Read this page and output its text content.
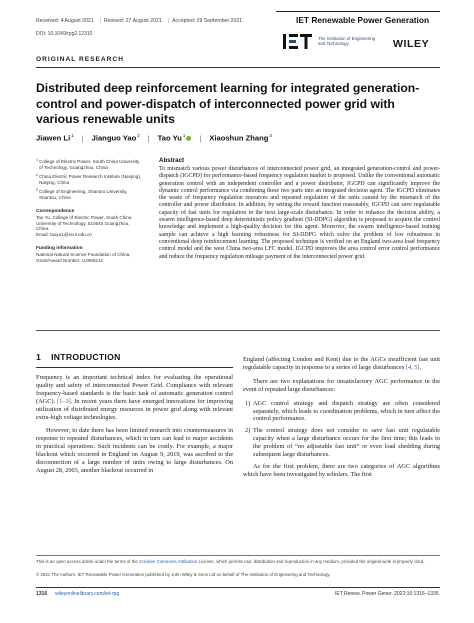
Received: 4 August 2021 | Revised: 27 August 2021 | Accepted: 29 September 2021
DOI: 10.1049/rpg2.12310
IET Renewable Power Generation
The Institution of Engineering and Technology	WILEY
ORIGINAL RESEARCH
Distributed deep reinforcement learning for integrated generation-control and power-dispatch of interconnected power grid with various renewable units
Jiawen Li$^1$ | Jianguo Yao$^2$ | Tao Yu$^1$ | Xiaoshun Zhang$^3$
1 College of Electric Power, South China University of Technology, Guangzhou, China
2 China Electric Power Research Institute (Nanjing), Nanjing, China
3 College of Engineering, Shantou University, Shantou, China
Correspondence
Tao Yu, College of Electric Power, South China University of Technology, 510640 Guangzhou, China.
Email: taoyu1@scut.edu.cn
Funding information
National Natural Science Foundation of China, Grant/Award Number: U2066212
Abstract

To mismatch various power disturbances of interconnected power grid, an integrated generation-control and power-dispatch (IGCPD) for performance-based frequency regulation market is proposed. Unlike the conventional automatic generation control with an independent controller and a power distributor, IGCPD can significantly improve the dynamic control performance via combining these two parts into an integrated decision agent. The IGCPD eliminates the waste of frequency regulation resources and repeated regulation of the units caused by the mismatch of the controller and power distributor. In addition, by setting the reward function reasonably, IGCPD can save regulatable capacity of fast units for regulation in the next large-scale disturbance. In order to enhance the decision ability, a swarm intelligence-based deep deterministic policy gradient (SI-DDPG) algorithm is proposed to acquire the control knowledge and implement a high-quality decision for this agent. Moreover, the swarm intelligence-based training sample can achieve a high learning robustness for SI-DDPG which solve the problem of low robustness in conventional deep reinforcement learning. The proposed technique is verified on an England two-area load frequency control model and the west China two-area LFC model. IGCPD improves the area control error control performance and reduce the frequency regulation mileage payment of the interconnected power grid.

1 INTRODUCTION

Frequency is an important technical index for evaluating the operational quality and safety of interconnected Power Grid. Compliance with relevant frequency-based standards is the basic task of automatic generation control (AGC). [1–3]. In recent years there have emerged innovations for improving utilization of distributed energy resources in power grid along with relevant extra-high voltage technologies.

However, to date there has been limited research into countermeasures in response to repeated disturbances, which in turn can lead to major accidents in practical operations. Such incidents can be costly. For example, a major blackout which occurred in England on August 9, 2019, was ascribed to the disconnection of a large number of units owing to large disturbances. On August 28, 2003, another blackout occurred in

England (affecting London and Kent) due to the AGCs insufficient fast unit regulatable capacity in response to a series of large disturbances [4, 5].

There are two explanations for unsatisfactory AGC performance in the event of repeated large disturbances:

1) AGC control strategy and dispatch strategy are often considered separately, which leads to coordination problems, which in turn affect the control performance.
2) The control strategy does not consider to save fast unit regulatable capacity when a large disturbance occurs for the first time; this leads to the problem of “no adjustable fast unit” or even load shedding during subsequent large disturbances.

As for the first problem, there are two categories of AGC algorithms which have been investigated by scholars. The first

This is an open access article under the terms of the Creative Commons Attribution License, which permits use, distribution and reproduction in any medium, provided the original work is properly cited.
© 2021 The Authors. IET Renewable Power Generation published by John Wiley & Sons Ltd on behalf of The Institution of Engineering and Technology.
1316 wileyonlinelibrary.com/iet-rpg	IET Renew. Power Gener. 2022;16:1316–1335.
